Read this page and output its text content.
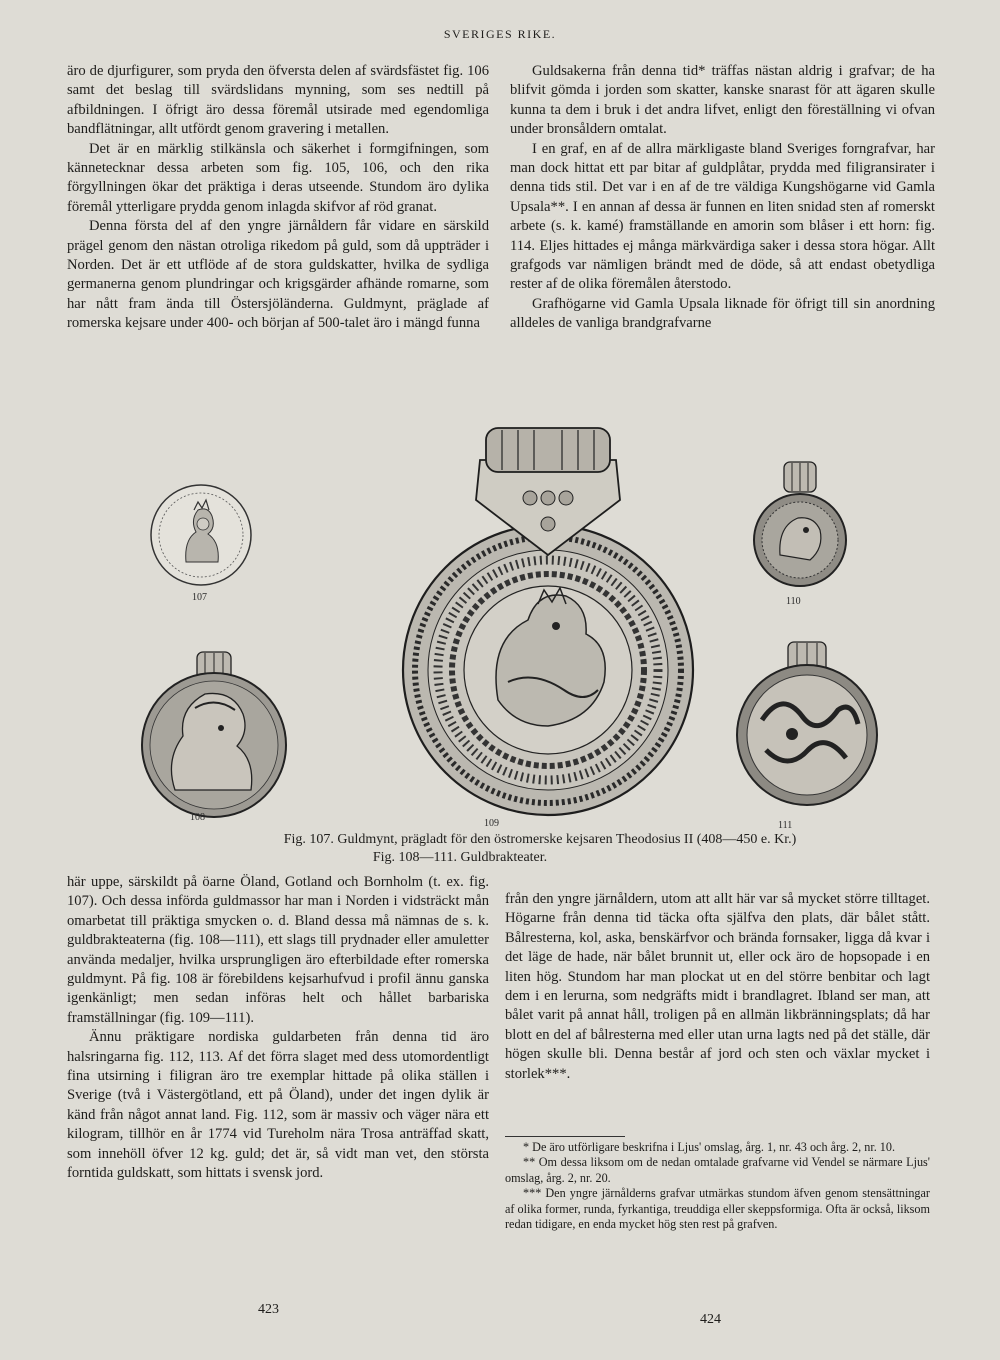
SVERIGES RIKE.

äro de djurfigurer, som pryda den öfversta delen af svärdsfästet fig. 106 samt det beslag till svärdslidans mynning, som ses nedtill på afbildningen. I öfrigt äro dessa föremål utsirade med egendomliga bandflätningar, allt utfördt genom gravering i metallen.

Det är en märklig stilkänsla och säkerhet i formgifningen, som kännetecknar dessa arbeten som fig. 105, 106, och den rika förgyllningen ökar det präktiga i deras utseende. Stundom äro dylika föremål ytterligare prydda genom inlagda skifvor af röd granat.

Denna första del af den yngre järnåldern får vidare en särskild prägel genom den nästan otroliga rikedom på guld, som då uppträder i Norden. Det är ett utflöde af de stora guldskatter, hvilka de sydliga germanerna genom plundringar och krigsgärder afhände romarne, som har nått fram ända till Östersjöländerna. Guldmynt, präglade af romerska kejsare under 400- och början af 500-talet äro i mängd funna

Guldsakerna från denna tid* träffas nästan aldrig i grafvar; de ha blifvit gömda i jorden som skatter, kanske snarast för att ägaren skulle kunna ta dem i bruk i det andra lifvet, enligt den föreställning vi ofvan under bronsåldern omtalat.

I en graf, en af de allra märkligaste bland Sveriges forngrafvar, har man dock hittat ett par bitar af guldplåtar, prydda med filigransirater i denna tids stil. Det var i en af de tre väldiga Kungshögarne vid Gamla Upsala**. I en annan af dessa är funnen en liten snidad sten af romerskt arbete (s. k. kamé) framställande en amorin som blåser i ett horn: fig. 114. Eljes hittades ej många märkvärdiga saker i dessa stora högar. Allt grafgods var nämligen brändt med de döde, så att endast obetydliga rester af de olika föremålen återstodo.

Grafhögarne vid Gamla Upsala liknade för öfrigt till sin anordning alldeles de vanliga brandgrafvarne

107
108
109
110
111
Fig. 107. Guldmynt, prägladt för den östromerske kejsaren Theodosius II (408—450 e. Kr.)
Fig. 108—111. Guldbrakteater.

här uppe, särskildt på öarne Öland, Gotland och Bornholm (t. ex. fig. 107). Och dessa införda guldmassor har man i Norden i vidsträckt mån omarbetat till präktiga smycken o. d. Bland dessa må nämnas de s. k. guldbrakteaterna (fig. 108—111), ett slags till prydnader eller amuletter använda medaljer, hvilka ursprungligen äro efterbildade efter romerska guldmynt. På fig. 108 är förebildens kejsarhufvud i profil ännu ganska igenkänligt; men sedan införas helt och hållet barbariska framställningar (fig. 109—111).

Ännu präktigare nordiska guldarbeten från denna tid äro halsringarna fig. 112, 113. Af det förra slaget med dess utomordentligt fina utsirning i filigran äro tre exemplar hittade på olika ställen i Sverige (två i Västergötland, ett på Öland), under det ingen dylik är känd från något annat land. Fig. 112, som är massiv och väger nära ett kilogram, tillhör en år 1774 vid Tureholm nära Trosa anträffad skatt, som innehöll öfver 12 kg. guld; det är, så vidt man vet, den största forntida guldskatt, som hittats i svensk jord.

från den yngre järnåldern, utom att allt här var så mycket större tilltaget. Högarne från denna tid täcka ofta själfva den plats, där bålet stått. Bålresterna, kol, aska, benskärfvor och brända fornsaker, ligga då kvar i det läge de hade, när bålet brunnit ut, eller ock äro de hopsopade i en liten hög. Stundom har man plockat ut en del större benbitar och lagt dem i en lerurna, som nedgräfts midt i brandlagret. Ibland ser man, att bålet varit på annat håll, troligen på en allmän likbränningsplats; då har blott en del af bålresterna med eller utan urna lagts ned på det ställe, där högen skulle bli. Denna består af jord och sten och växlar mycket i storlek***.

* De äro utförligare beskrifna i Ljus' omslag, årg. 1, nr. 43 och årg. 2, nr. 10.

** Om dessa liksom om de nedan omtalade grafvarne vid Vendel se närmare Ljus' omslag, årg. 2, nr. 20.

*** Den yngre järnålderns grafvar utmärkas stundom äfven genom stensättningar af olika former, runda, fyrkantiga, treuddiga eller skeppsformiga. Ofta är också, liksom redan tidigare, en enda mycket hög sten rest på grafven.

423
424
